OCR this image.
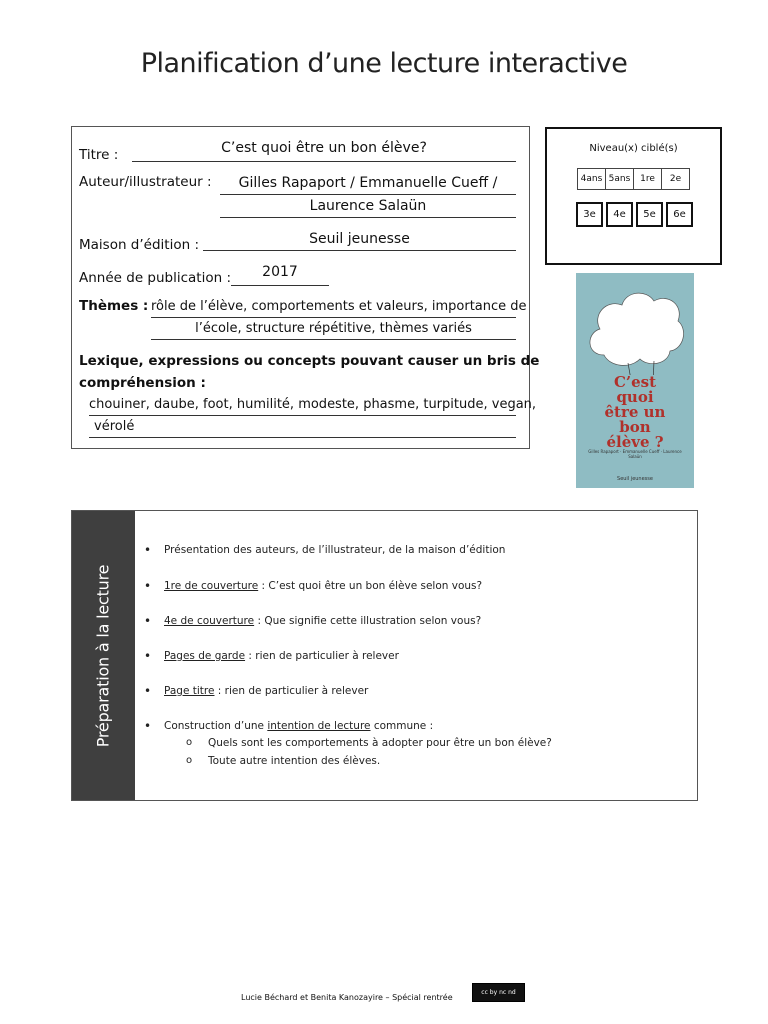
Planification d’une lecture interactive
Titre :	C’est quoi être un bon élève?
Auteur/illustrateur :	Gilles Rapaport / Emmanuelle Cueff /
Laurence Salaün
Maison d’édition :	Seuil jeunesse
Année de publication :	2017
Thèmes : rôle de l’élève, comportements et valeurs, importance de
l’école, structure répétitive, thèmes variés
Lexique, expressions ou concepts pouvant causer un bris de
compréhension :
chouiner, daube, foot, humilité, modeste, phasme, turpitude, vegan,
vérolé
Niveau(x) ciblé(s)
4ans 5ans	1re	2e
3e	4e	5e	6e
C’est
quoi
être un
bon
élève ?
Gilles Rapaport · Emmanuelle Cueff · Laurence Salaün
Seuil jeunesse
Préparation à la lecture
• Présentation des auteurs, de l’illustrateur, de la maison d’édition
• 1re de couverture : C’est quoi être un bon élève selon vous?
• 4e de couverture : Que signifie cette illustration selon vous?
• Pages de garde : rien de particulier à relever
• Page titre : rien de particulier à relever
• Construction d’une intention de lecture commune :
o Quels sont les comportements à adopter pour être un bon élève?
o Toute autre intention des élèves.
Lucie Béchard et Benita Kanozayire – Spécial rentrée
cc by nc nd
